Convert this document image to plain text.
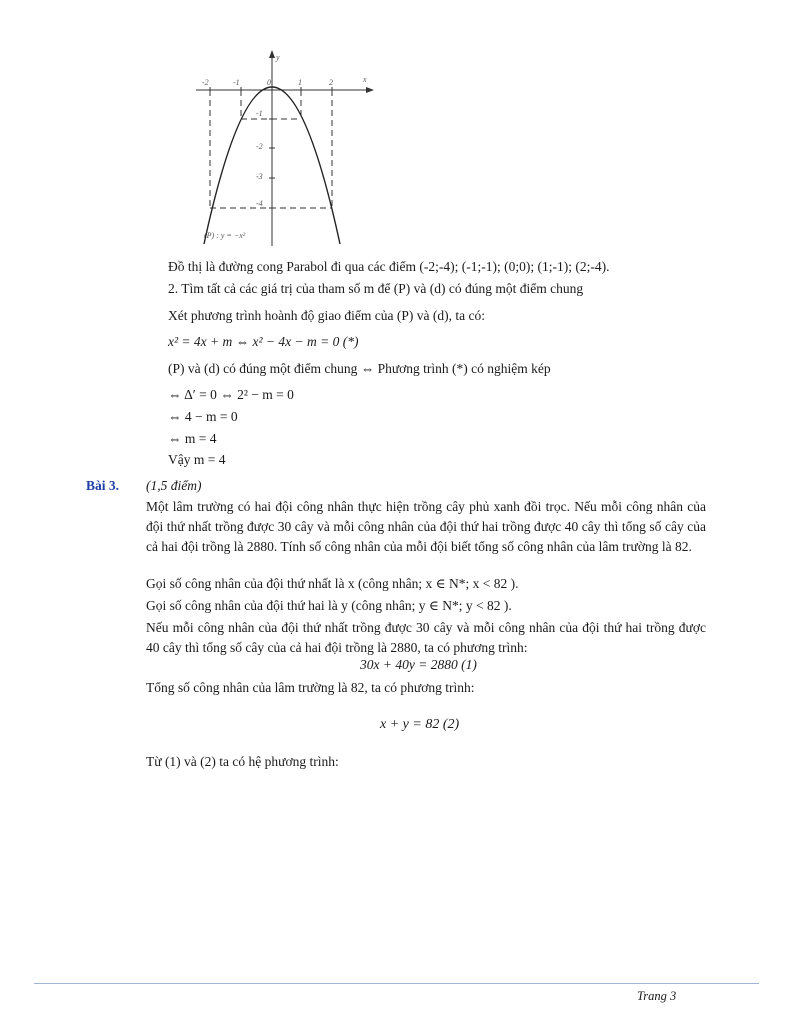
y
x
-2	-1	0	1	2
-1
-2
-3
-4
(P) : y = −x²
Đồ thị là đường cong Parabol đi qua các điểm (-2;-4); (-1;-1); (0;0); (1;-1); (2;-4).
2. Tìm tất cả các giá trị của tham số m để (P) và (d) có đúng một điểm chung
Xét phương trình hoành độ giao điểm của (P) và (d), ta có:
x² = 4x + m ⇔ x² − 4x − m = 0 (*)
(P) và (d) có đúng một điểm chung ⇔ Phương trình (*) có nghiệm kép
⇔ Δ′ = 0 ⇔ 2² − m = 0
⇔ 4 − m = 0
⇔ m = 4
Vậy m = 4
Bài 3. (1,5 điểm)
Một lâm trường có hai đội công nhân thực hiện trồng cây phủ xanh đồi trọc. Nếu mỗi công nhân của đội thứ nhất trồng được 30 cây và mỗi công nhân của đội thứ hai trồng được 40 cây thì tổng số cây của cả hai đội trồng là 2880. Tính số công nhân của mỗi đội biết tổng số công nhân của lâm trường là 82.
Gọi số công nhân của đội thứ nhất là x (công nhân; x ∈ N*; x < 82 ).
Gọi số công nhân của đội thứ hai là y (công nhân; y ∈ N*; y < 82 ).
Nếu mỗi công nhân của đội thứ nhất trồng được 30 cây và mỗi công nhân của đội thứ hai trồng được 40 cây thì tổng số cây của cả hai đội trồng là 2880, ta có phương trình:
30x + 40y = 2880 (1)
Tổng số công nhân của lâm trường là 82, ta có phương trình:
x + y = 82 (2)
Từ (1) và (2) ta có hệ phương trình:
Trang 3
